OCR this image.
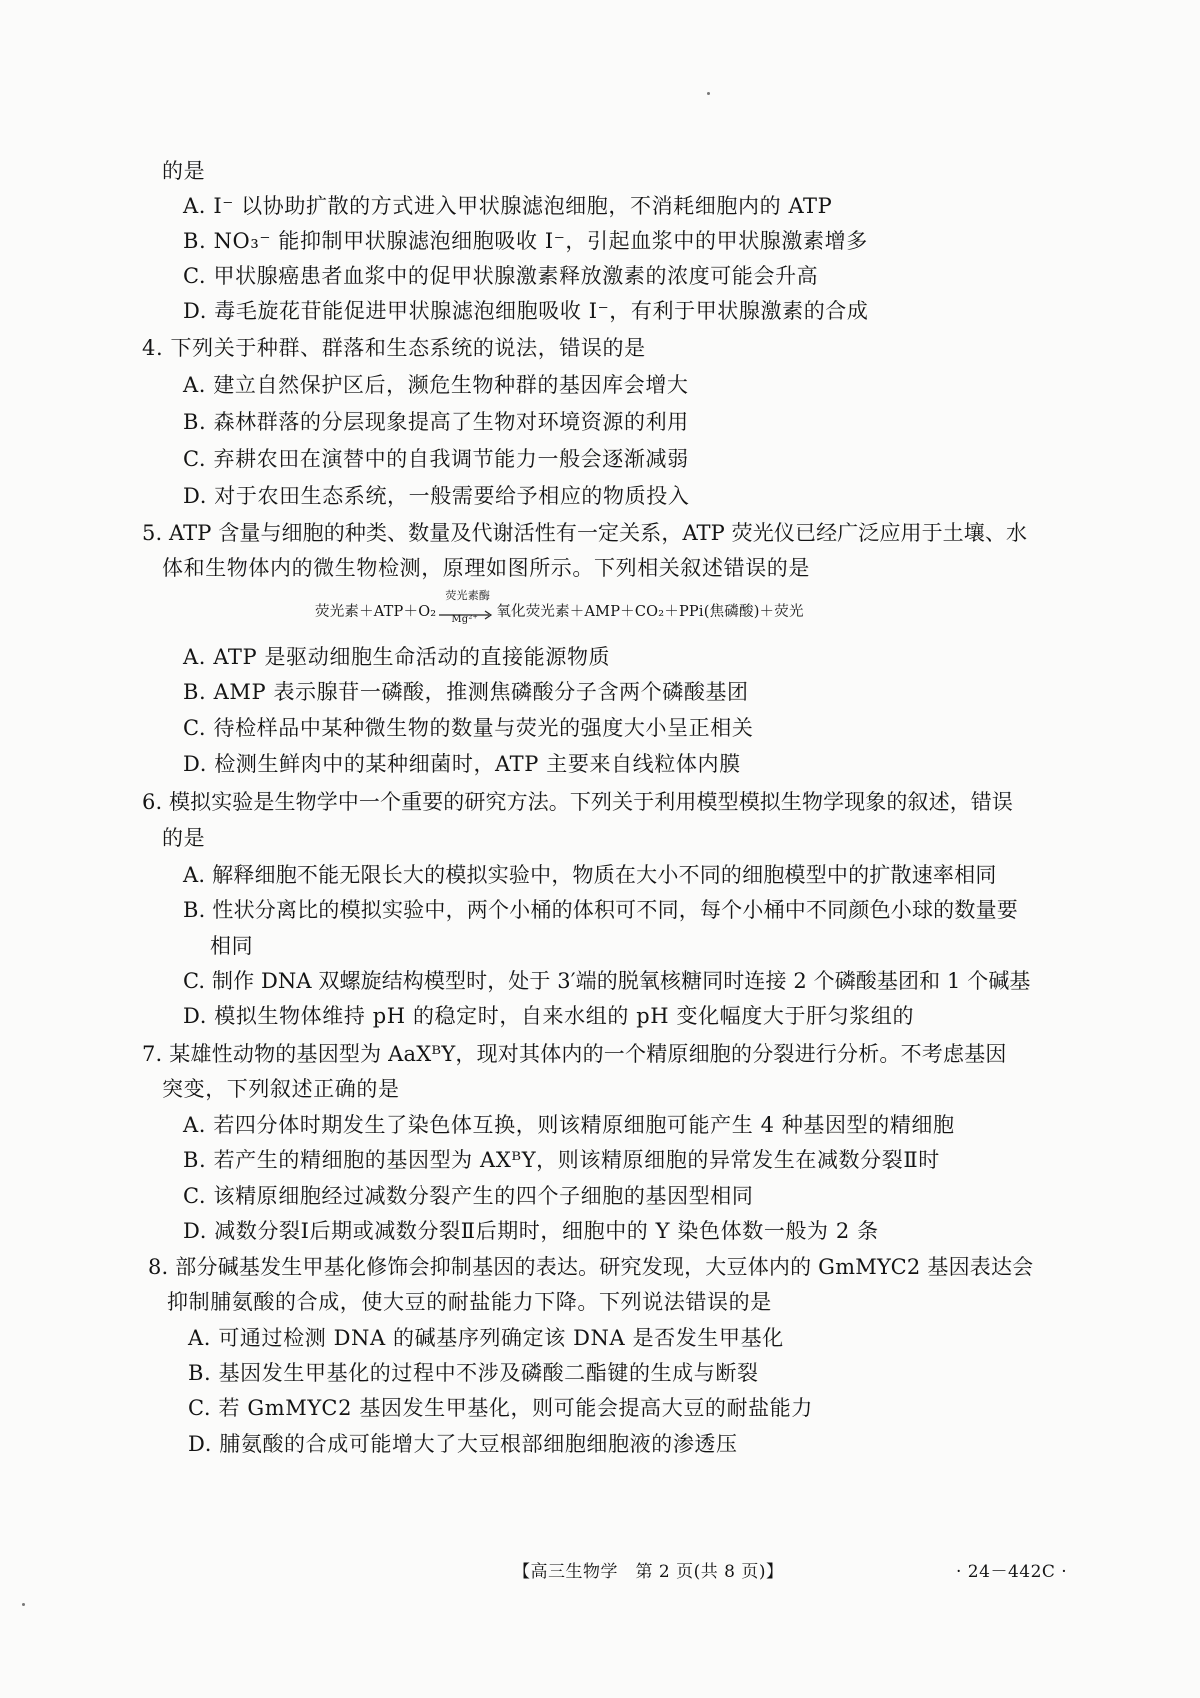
的是
A. I⁻ 以协助扩散的方式进入甲状腺滤泡细胞，不消耗细胞内的 ATP
B. NO₃⁻ 能抑制甲状腺滤泡细胞吸收 I⁻，引起血浆中的甲状腺激素增多
C. 甲状腺癌患者血浆中的促甲状腺激素释放激素的浓度可能会升高
D. 毒毛旋花苷能促进甲状腺滤泡细胞吸收 I⁻，有利于甲状腺激素的合成
4. 下列关于种群、群落和生态系统的说法，错误的是
A. 建立自然保护区后，濒危生物种群的基因库会增大
B. 森林群落的分层现象提高了生物对环境资源的利用
C. 弃耕农田在演替中的自我调节能力一般会逐渐减弱
D. 对于农田生态系统，一般需要给予相应的物质投入
5. ATP 含量与细胞的种类、数量及代谢活性有一定关系，ATP 荧光仪已经广泛应用于土壤、水
体和生物体内的微生物检测，原理如图所示。下列相关叙述错误的是
荧光素＋ATP＋O₂
荧光素酶
Mg²⁺ 氧化荧光素＋AMP＋CO₂＋PPi(焦磷酸)＋荧光
A. ATP 是驱动细胞生命活动的直接能源物质
B. AMP 表示腺苷一磷酸，推测焦磷酸分子含两个磷酸基团
C. 待检样品中某种微生物的数量与荧光的强度大小呈正相关
D. 检测生鲜肉中的某种细菌时，ATP 主要来自线粒体内膜
6. 模拟实验是生物学中一个重要的研究方法。下列关于利用模型模拟生物学现象的叙述，错误
的是
A. 解释细胞不能无限长大的模拟实验中，物质在大小不同的细胞模型中的扩散速率相同
B. 性状分离比的模拟实验中，两个小桶的体积可不同，每个小桶中不同颜色小球的数量要
相同
C. 制作 DNA 双螺旋结构模型时，处于 3′端的脱氧核糖同时连接 2 个磷酸基团和 1 个碱基
D. 模拟生物体维持 pH 的稳定时，自来水组的 pH 变化幅度大于肝匀浆组的
7. 某雄性动物的基因型为 AaXᴮY，现对其体内的一个精原细胞的分裂进行分析。不考虑基因
突变，下列叙述正确的是
A. 若四分体时期发生了染色体互换，则该精原细胞可能产生 4 种基因型的精细胞
B. 若产生的精细胞的基因型为 AXᴮY，则该精原细胞的异常发生在减数分裂Ⅱ时
C. 该精原细胞经过减数分裂产生的四个子细胞的基因型相同
D. 减数分裂Ⅰ后期或减数分裂Ⅱ后期时，细胞中的 Y 染色体数一般为 2 条
8. 部分碱基发生甲基化修饰会抑制基因的表达。研究发现，大豆体内的 GmMYC2 基因表达会
抑制脯氨酸的合成，使大豆的耐盐能力下降。下列说法错误的是
A. 可通过检测 DNA 的碱基序列确定该 DNA 是否发生甲基化
B. 基因发生甲基化的过程中不涉及磷酸二酯键的生成与断裂
C. 若 GmMYC2 基因发生甲基化，则可能会提高大豆的耐盐能力
D. 脯氨酸的合成可能增大了大豆根部细胞细胞液的渗透压
【高三生物学　第 2 页(共 8 页)】	· 24－442C ·
